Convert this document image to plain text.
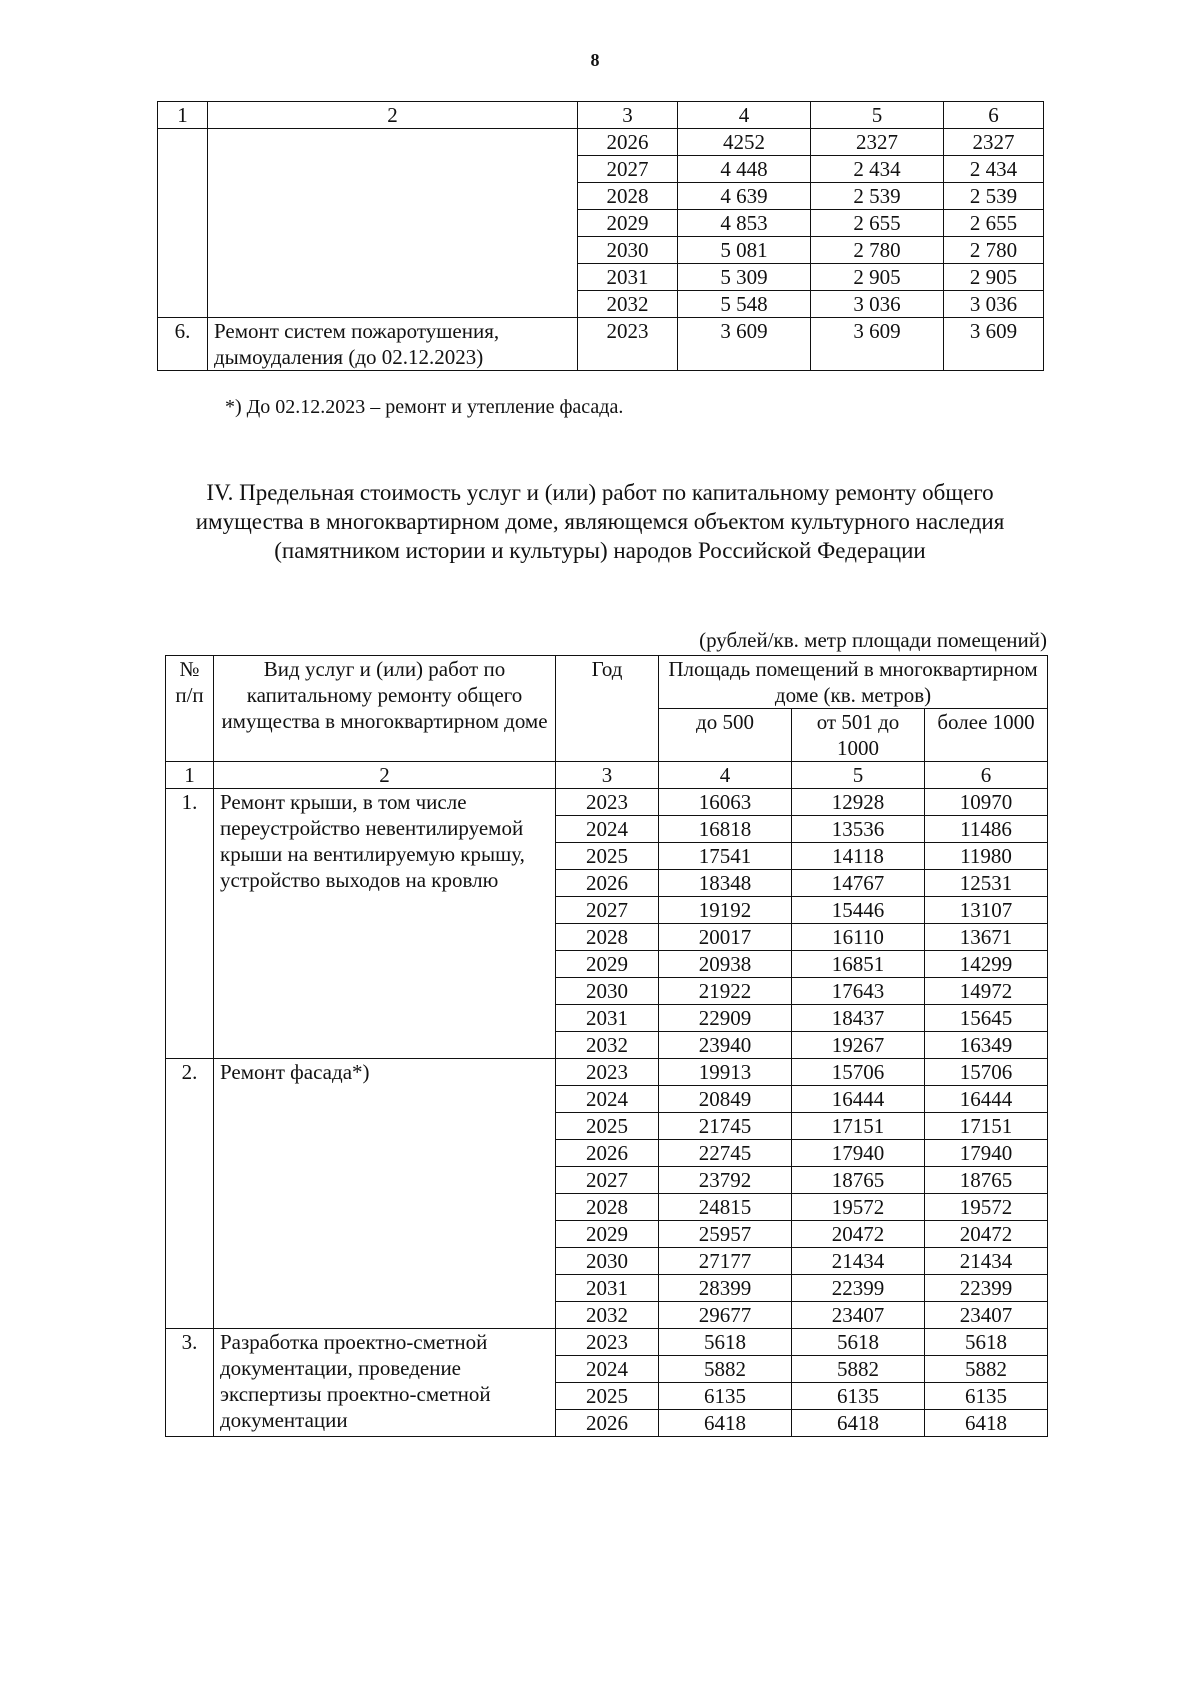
8
1	2	3	4	5	6
		2026	4252	2327	2327
		2027	4 448	2 434	2 434
		2028	4 639	2 539	2 539
		2029	4 853	2 655	2 655
		2030	5 081	2 780	2 780
		2031	5 309	2 905	2 905
		2032	5 548	3 036	3 036
6.	Ремонт систем пожаротушения, дымоудаления (до 02.12.2023)	2023	3 609	3 609	3 609
*) До 02.12.2023 – ремонт и утепление фасада.
IV. Предельная стоимость услуг и (или) работ по капитальному ремонту общего имущества в многоквартирном доме, являющемся объектом культурного наследия (памятником истории и культуры) народов Российской Федерации
(рублей/кв. метр площади помещений)
№ п/п	Вид услуг и (или) работ по капитальному ремонту общего имущества в многоквартирном доме	Год	Площадь помещений в многоквартирном доме (кв. метров)		
			до 500	от 501 до 1000	более 1000
1	2	3	4	5	6
1.	Ремонт крыши, в том числе переустройство невентилируемой крыши на вентилируемую крышу, устройство выходов на кровлю	2023	16063	12928	10970
		2024	16818	13536	11486
		2025	17541	14118	11980
		2026	18348	14767	12531
		2027	19192	15446	13107
		2028	20017	16110	13671
		2029	20938	16851	14299
		2030	21922	17643	14972
		2031	22909	18437	15645
		2032	23940	19267	16349
2.	Ремонт фасада*)	2023	19913	15706	15706
		2024	20849	16444	16444
		2025	21745	17151	17151
		2026	22745	17940	17940
		2027	23792	18765	18765
		2028	24815	19572	19572
		2029	25957	20472	20472
		2030	27177	21434	21434
		2031	28399	22399	22399
		2032	29677	23407	23407
3.	Разработка проектно-сметной документации, проведение экспертизы проектно-сметной документации	2023	5618	5618	5618
		2024	5882	5882	5882
		2025	6135	6135	6135
		2026	6418	6418	6418
